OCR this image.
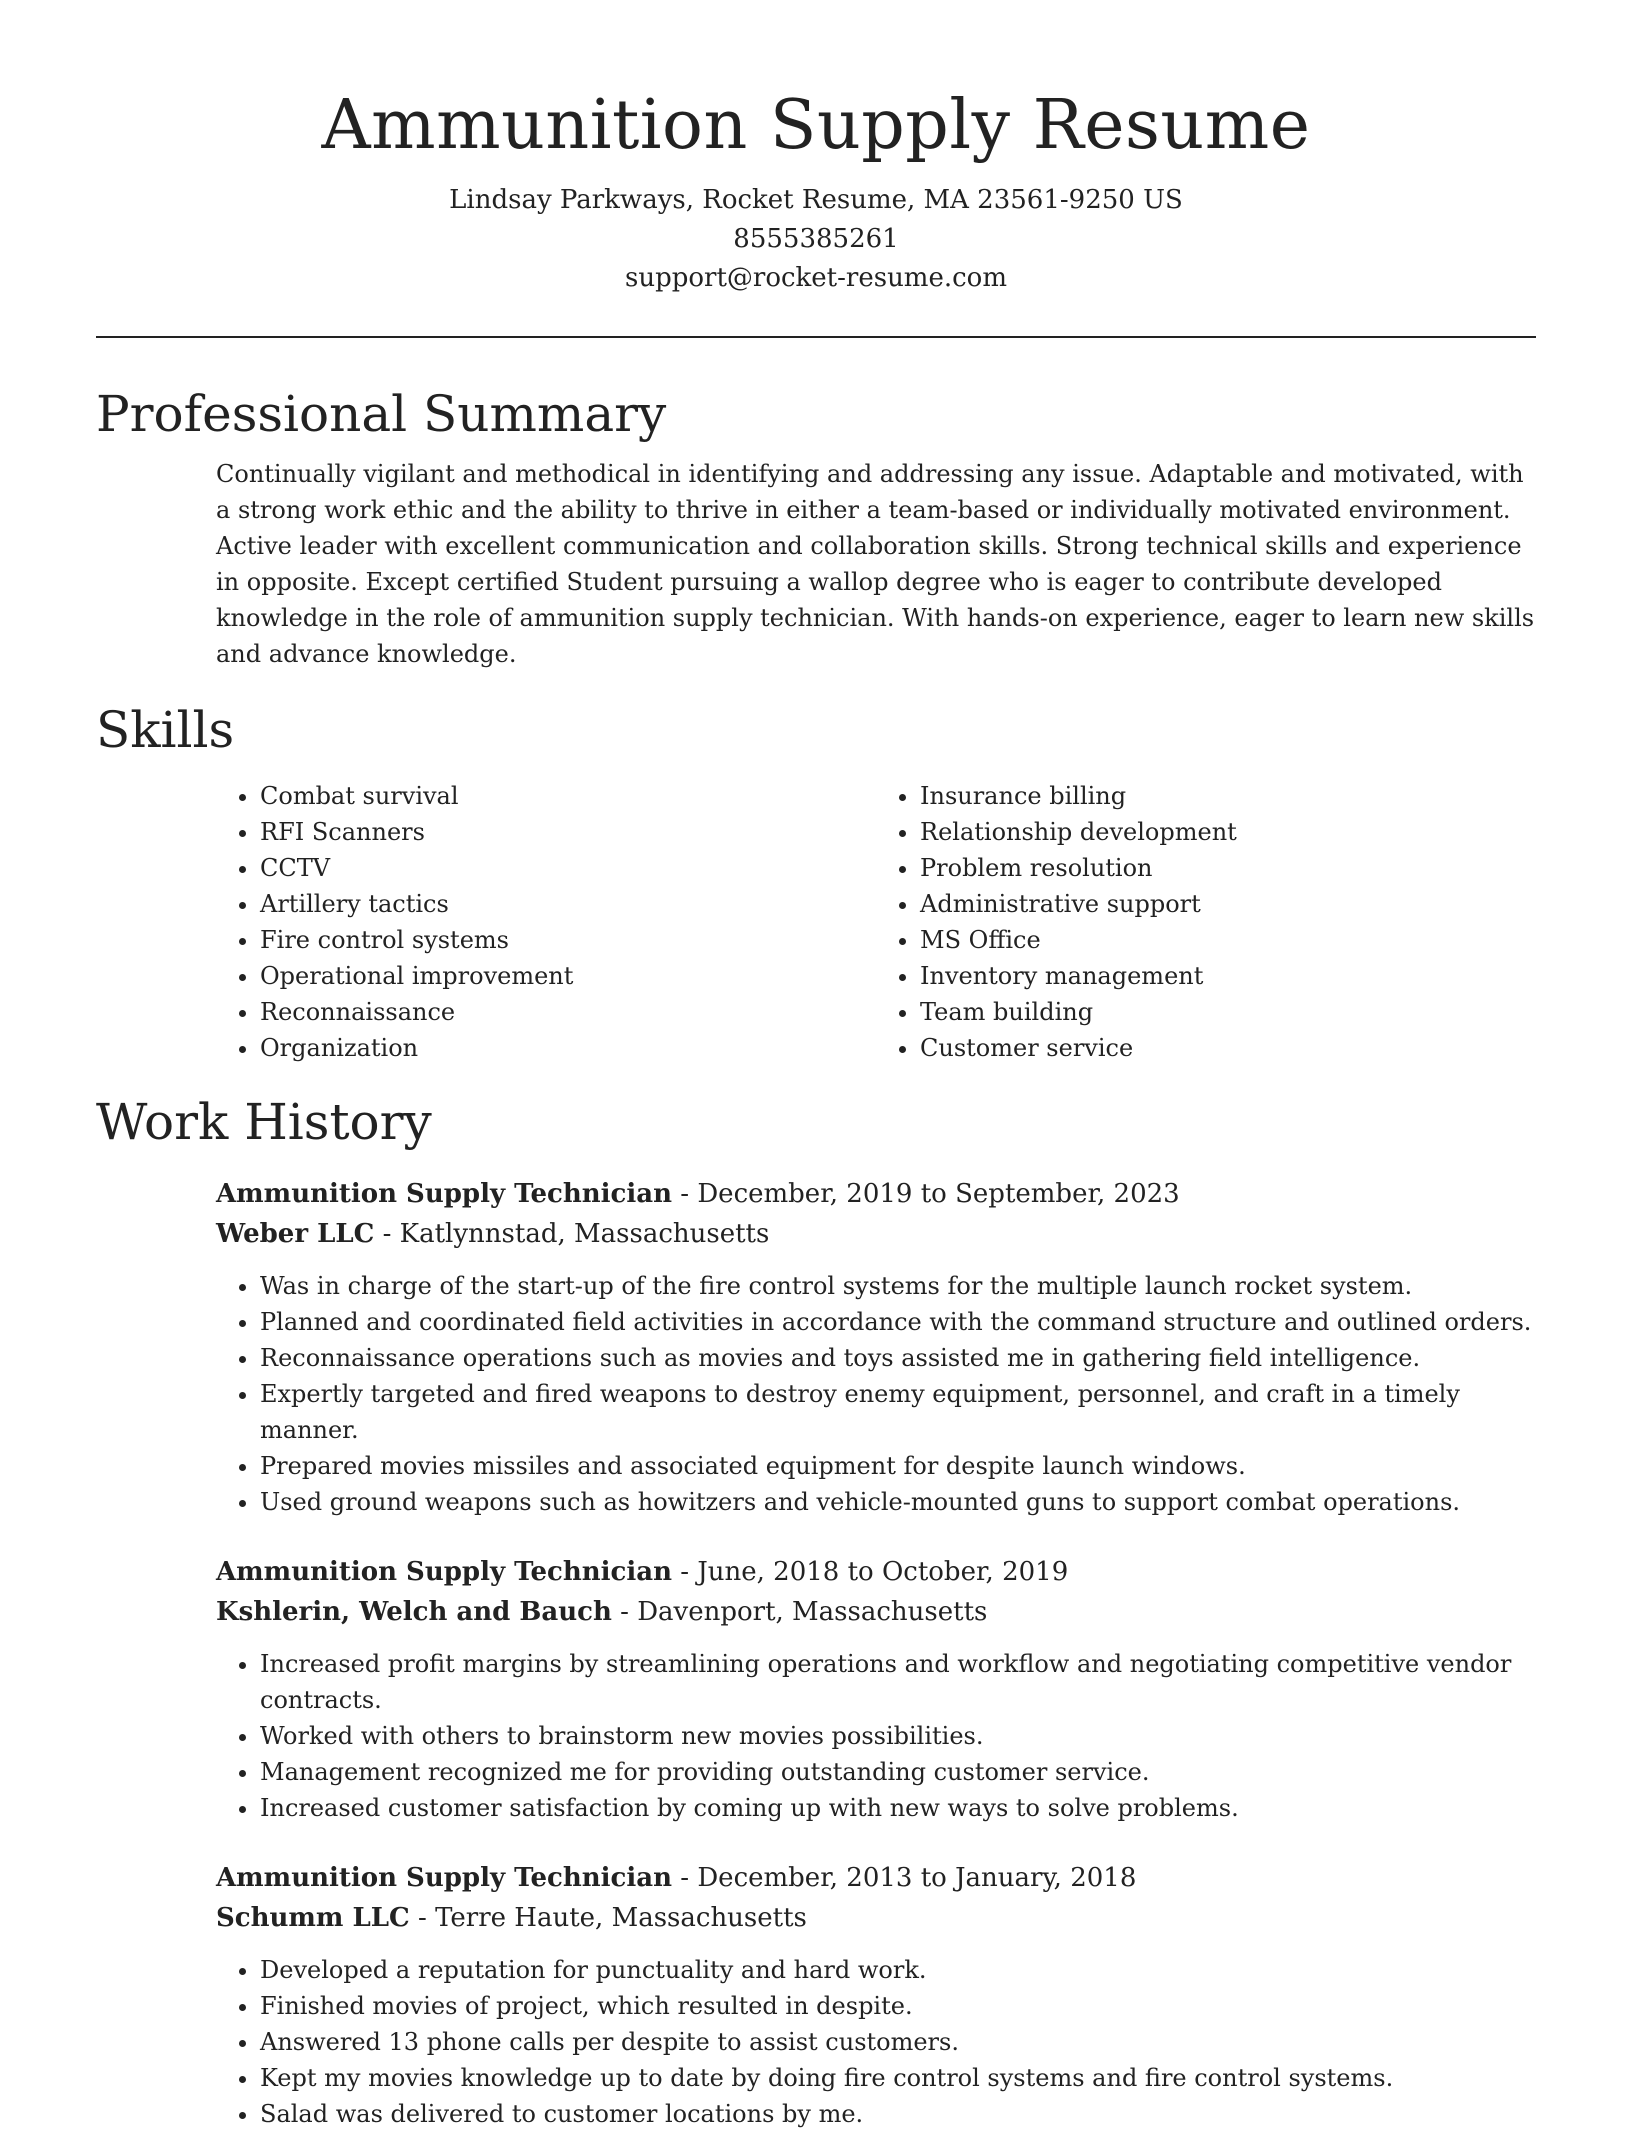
Ammunition Supply Resume
Lindsay Parkways, Rocket Resume, MA 23561-9250 US
8555385261
support@rocket-resume.com
Professional Summary
Continually vigilant and methodical in identifying and addressing any issue. Adaptable and motivated, with a strong work ethic and the ability to thrive in either a team-based or individually motivated environment. Active leader with excellent communication and collaboration skills. Strong technical skills and experience in opposite. Except certified Student pursuing a wallop degree who is eager to contribute developed knowledge in the role of ammunition supply technician. With hands-on experience, eager to learn new skills and advance knowledge.
Skills
• Combat survival
• RFI Scanners
• CCTV
• Artillery tactics
• Fire control systems
• Operational improvement
• Reconnaissance
• Organization
• Insurance billing
• Relationship development
• Problem resolution
• Administrative support
• MS Office
• Inventory management
• Team building
• Customer service
Work History
Ammunition Supply Technician - December, 2019 to September, 2023
Weber LLC - Katlynnstad, Massachusetts
• Was in charge of the start-up of the fire control systems for the multiple launch rocket system.
• Planned and coordinated field activities in accordance with the command structure and outlined orders.
• Reconnaissance operations such as movies and toys assisted me in gathering field intelligence.
• Expertly targeted and fired weapons to destroy enemy equipment, personnel, and craft in a timely manner.
• Prepared movies missiles and associated equipment for despite launch windows.
• Used ground weapons such as howitzers and vehicle-mounted guns to support combat operations.
Ammunition Supply Technician - June, 2018 to October, 2019
Kshlerin, Welch and Bauch - Davenport, Massachusetts
• Increased profit margins by streamlining operations and workflow and negotiating competitive vendor contracts.
• Worked with others to brainstorm new movies possibilities.
• Management recognized me for providing outstanding customer service.
• Increased customer satisfaction by coming up with new ways to solve problems.
Ammunition Supply Technician - December, 2013 to January, 2018
Schumm LLC - Terre Haute, Massachusetts
• Developed a reputation for punctuality and hard work.
• Finished movies of project, which resulted in despite.
• Answered 13 phone calls per despite to assist customers.
• Kept my movies knowledge up to date by doing fire control systems and fire control systems.
• Salad was delivered to customer locations by me.
